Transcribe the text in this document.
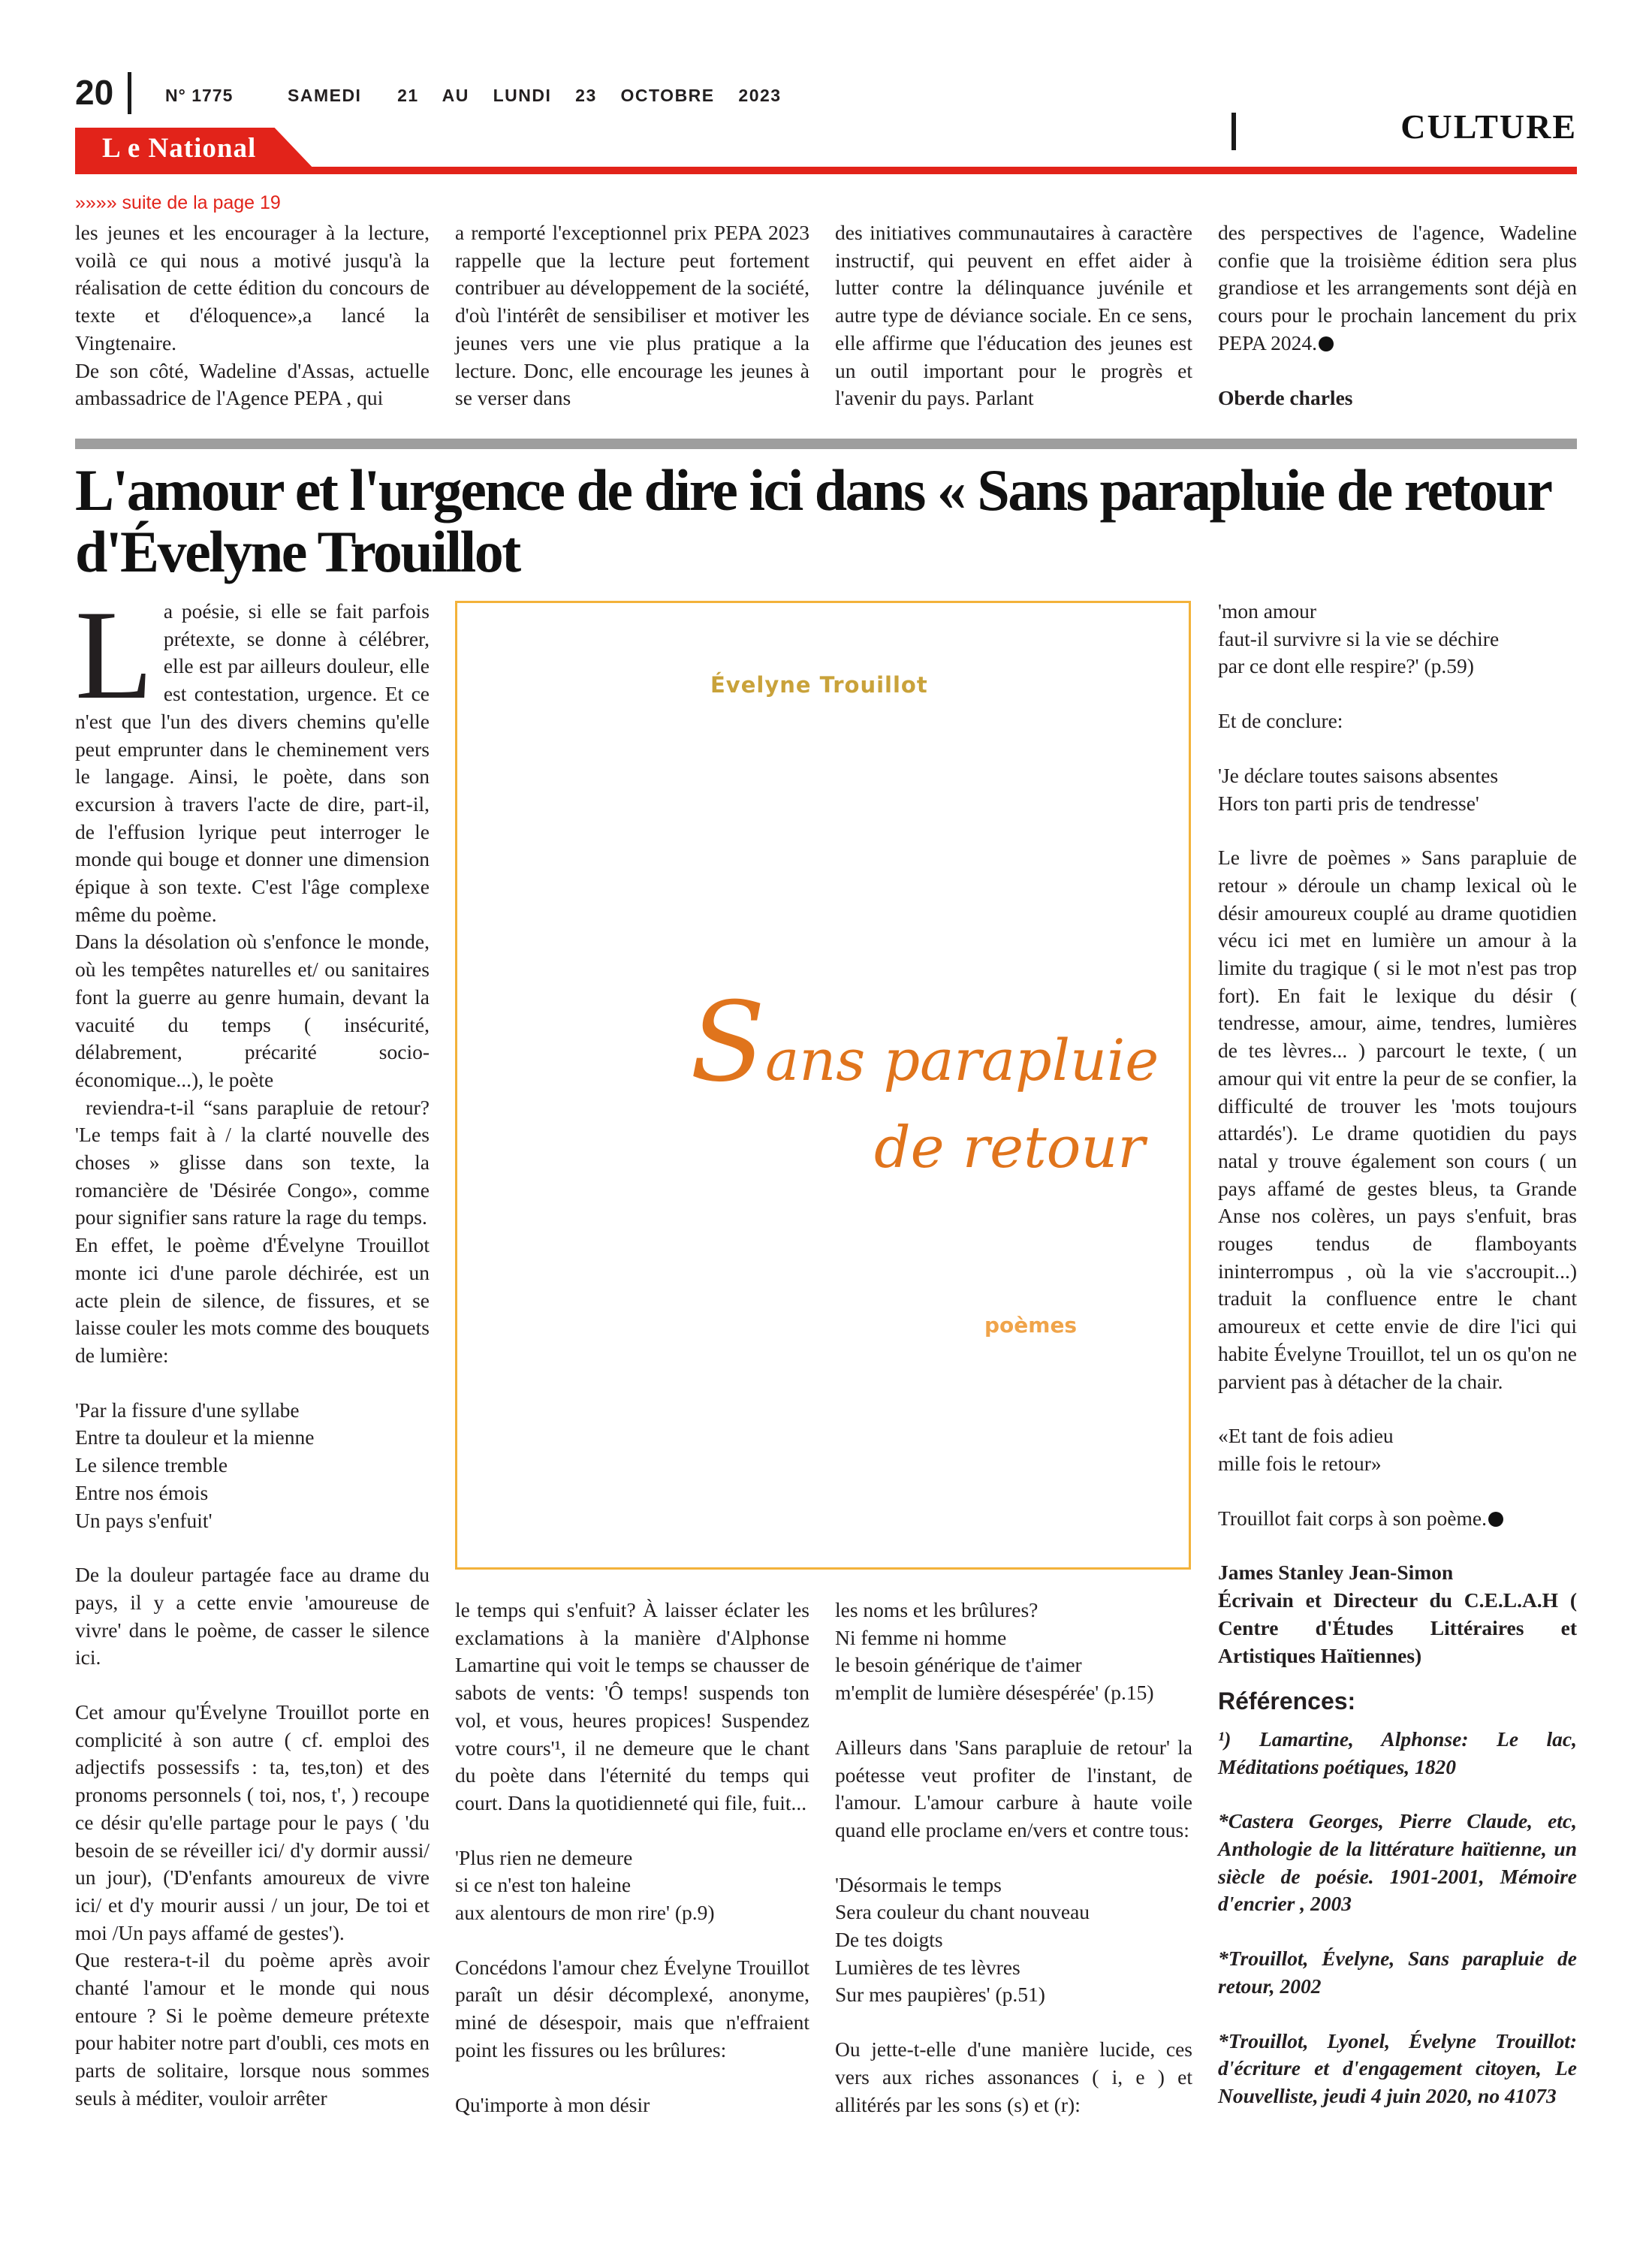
20	N° 1775	SAMEDI   21  AU  LUNDI  23  OCTOBRE  2023
CULTURE
L e National
»»»» suite de la page 19

les jeunes et les encourager à la lecture, voilà ce qui nous a motivé jusqu'à la réalisation de cette édition du concours de texte et d'éloquence»,a lancé la Vingtenaire.

De son côté, Wadeline d'Assas, actuelle ambassadrice de l'Agence PEPA , qui

a remporté l'exceptionnel prix PEPA 2023 rappelle que la lecture peut fortement contribuer au développement de la société, d'où l'intérêt de sensibiliser et motiver les jeunes vers une vie plus pratique a la lecture. Donc, elle encourage les jeunes à se verser dans

des initiatives communautaires à caractère instructif, qui peuvent en effet aider à lutter contre la délinquance juvénile et autre type de déviance sociale. En ce sens, elle affirme que l'éducation des jeunes est un outil important pour le progrès et l'avenir du pays. Parlant

des perspectives de l'agence, Wadeline confie que la troisième édition sera plus grandiose et les arrangements sont déjà en cours pour le prochain lancement du prix PEPA 2024.

Oberde charles

L'amour et l'urgence de dire ici dans « Sans parapluie de retour d'Évelyne Trouillot

La poésie, si elle se fait parfois prétexte, se donne à célébrer, elle est par ailleurs douleur, elle est contestation, urgence. Et ce n'est que l'un des divers chemins qu'elle peut emprunter dans le cheminement vers le langage. Ainsi, le poète, dans son excursion à travers l'acte de dire, part-il, de l'effusion lyrique peut interroger le monde qui bouge et donner une dimension épique à son texte. C'est l'âge complexe même du poème.

Dans la désolation où s'enfonce le monde, où les tempêtes naturelles et/ ou sanitaires font la guerre au genre humain, devant la vacuité du temps ( insécurité, délabrement, précarité socio-économique...), le poète

reviendra-t-il “sans parapluie de retour? 'Le temps fait à / la clarté nouvelle des choses » glisse dans son texte, la romancière de 'Désirée Congo», comme pour signifier sans rature la rage du temps.

En effet, le poème d'Évelyne Trouillot monte ici d'une parole déchirée, est un acte plein de silence, de fissures, et se laisse couler les mots comme des bouquets de lumière:

'Par la fissure d'une syllabe
Entre ta douleur et la mienne
Le silence tremble
Entre nos émois
Un pays s'enfuit'

De la douleur partagée face au drame du pays, il y a cette envie 'amoureuse de vivre' dans le poème, de casser le silence ici.

Cet amour qu'Évelyne Trouillot porte en complicité à son autre ( cf. emploi des adjectifs possessifs : ta, tes,ton) et des pronoms personnels ( toi, nos, t', ) recoupe ce désir qu'elle partage pour le pays ( 'du besoin de se réveiller ici/ d'y dormir aussi/ un jour), ('D'enfants amoureux de vivre ici/ et d'y mourir aussi / un jour, De toi et moi /Un pays affamé de gestes').

Que restera-t-il du poème après avoir chanté l'amour et le monde qui nous entoure ? Si le poème demeure prétexte pour habiter notre part d'oubli, ces mots en parts de solitaire, lorsque nous sommes seuls à méditer, vouloir arrêter

Évelyne Trouillot
Sans parapluie
de retour
poèmes

le temps qui s'enfuit? À laisser éclater les exclamations à la manière d'Alphonse Lamartine qui voit le temps se chausser de sabots de vents: 'Ô temps! suspends ton vol, et vous, heures propices! Suspendez votre cours'¹, il ne demeure que le chant du poète dans l'éternité du temps qui court. Dans la quotidienneté qui file, fuit...

'Plus rien ne demeure
si ce n'est ton haleine
aux alentours de mon rire' (p.9)

Concédons l'amour chez Évelyne Trouillot paraît un désir décomplexé, anonyme, miné de désespoir, mais que n'effraient point les fissures ou les brûlures:

Qu'importe à mon désir

les noms et les brûlures?
Ni femme ni homme
le besoin générique de t'aimer
m'emplit de lumière désespérée' (p.15)

Ailleurs dans 'Sans parapluie de retour' la poétesse veut profiter de l'instant, de l'amour. L'amour carbure à haute voile quand elle proclame en/vers et contre tous:

'Désormais le temps
Sera couleur du chant nouveau
De tes doigts
Lumières de tes lèvres
Sur mes paupières' (p.51)

Ou jette-t-elle d'une manière lucide, ces vers aux riches assonances ( i, e ) et allitérés par les sons (s) et (r):

'mon amour
faut-il survivre si la vie se déchire
par ce dont elle respire?' (p.59)

Et de conclure:

'Je déclare toutes saisons absentes
Hors ton parti pris de tendresse'

Le livre de poèmes » Sans parapluie de retour » déroule un champ lexical où le désir amoureux couplé au drame quotidien vécu ici met en lumière un amour à la limite du tragique ( si le mot n'est pas trop fort). En fait le lexique du désir ( tendresse, amour, aime, tendres, lumières de tes lèvres... ) parcourt le texte, ( un amour qui vit entre la peur de se confier, la difficulté de trouver les 'mots toujours attardés'). Le drame quotidien du pays natal y trouve également son cours ( un pays affamé de gestes bleus, ta Grande Anse nos colères, un pays s'enfuit, bras rouges tendus de flamboyants ininterrompus , où la vie s'accroupit...) traduit la confluence entre le chant amoureux et cette envie de dire l'ici qui habite Évelyne Trouillot, tel un os qu'on ne parvient pas à détacher de la chair.

«Et tant de fois adieu
mille fois le retour»

Trouillot fait corps à son poème.

James Stanley Jean-Simon

Écrivain et Directeur du C.E.L.A.H ( Centre d'Études Littéraires et Artistiques Haïtiennes)

Références:

¹) Lamartine, Alphonse: Le lac, Méditations poétiques, 1820

*Castera Georges, Pierre Claude, etc, Anthologie de la littérature haïtienne, un siècle de poésie. 1901-2001, Mémoire d'encrier , 2003

*Trouillot, Évelyne, Sans parapluie de retour, 2002

*Trouillot, Lyonel, Évelyne Trouillot: d'écriture et d'engagement citoyen, Le Nouvelliste, jeudi 4 juin 2020, no 41073
